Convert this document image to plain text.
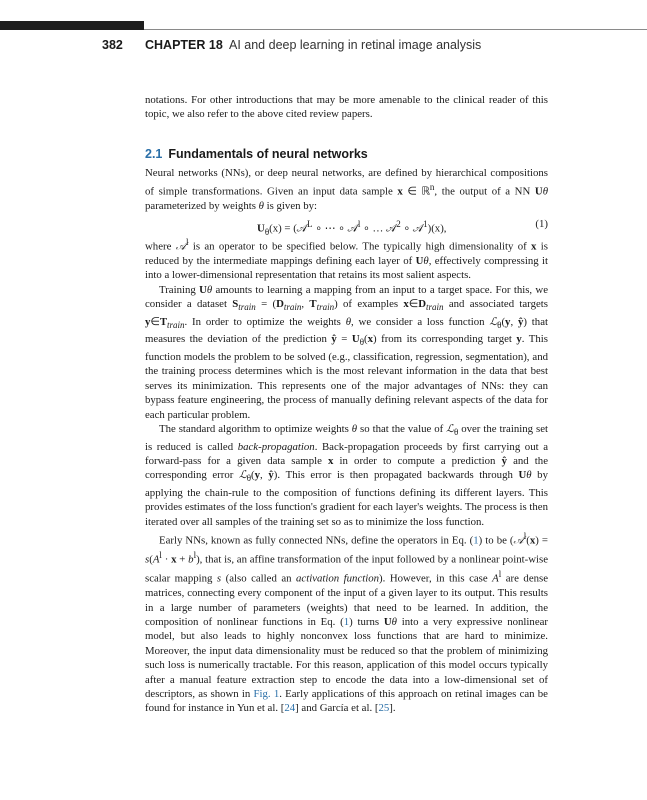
382 CHAPTER 18 AI and deep learning in retinal image analysis

notations. For other introductions that may be more amenable to the clinical reader of this topic, we also refer to the above cited review papers.

2.1 Fundamentals of neural networks

Neural networks (NNs), or deep neural networks, are defined by hierarchical compositions of simple transformations. Given an input data sample x ∈ ℝ$^n$, the output of a NN Uθ parameterized by weights θ is given by:

$U_\theta(x)$ = (𝒜$^L$ ∘ ⋯ ∘ 𝒜$^l$ ∘ … 𝒜$^2$ ∘ 𝒜$^1$)(x),	(1)

where 𝒜$^l$ is an operator to be specified below. The typically high dimensionality of x is reduced by the intermediate mappings defining each layer of Uθ, effectively compressing it into a lower-dimensional representation that retains its most salient aspects.

Training Uθ amounts to learning a mapping from an input to a target space. For this, we consider a dataset $S_{train} = (D_{train}$, $T_{train}$) of examples $x\in D_{train}$ and associated targets $y\in T_{train}$. In order to optimize the weights θ, we consider a loss function ℒ$_\theta$(y, ŷ) that measures the deviation of the prediction ŷ = $U_\theta(x)$ from its corresponding target y. This function models the problem to be solved (e.g., classification, regression, segmentation), and the training process determines which is the most relevant information in the data that best serves its minimization. This represents one of the major advantages of NNs: they can bypass feature engineering, the process of manually defining relevant aspects of the data for each particular problem.

The standard algorithm to optimize weights θ so that the value of ℒ$_\theta$ over the training set is reduced is called back-propagation. Back-propagation proceeds by first carrying out a forward-pass for a given data sample x in order to compute a prediction ŷ and the corresponding error ℒ$_\theta$(y, ŷ). This error is then propagated backwards through Uθ by applying the chain-rule to the composition of functions defining its different layers. This provides estimates of the loss function's gradient for each layer's weights. The process is then iterated over all samples of the training set so as to minimize the loss function.

Early NNs, known as fully connected NNs, define the operators in Eq. (1) to be (𝒜$^l$(x) = $s(A^l \cdot x + b^l)$, that is, an affine transformation of the input followed by a nonlinear point-wise scalar mapping s (also called an activation function). However, in this case $A^l$ are dense matrices, connecting every component of the input of a given layer to its output. This results in a large number of parameters (weights) that need to be learned. In addition, the composition of nonlinear functions in Eq. (1) turns Uθ into a very expressive nonlinear model, but also leads to highly nonconvex loss functions that are hard to minimize. Moreover, the input data dimensionality must be reduced so that the problem of minimizing such loss is numerically tractable. For this reason, application of this model occurs typically after a manual feature extraction step to encode the data into a low-dimensional set of descriptors, as shown in Fig. 1. Early applications of this approach on retinal images can be found for instance in Yun et al. [24] and García et al. [25].
